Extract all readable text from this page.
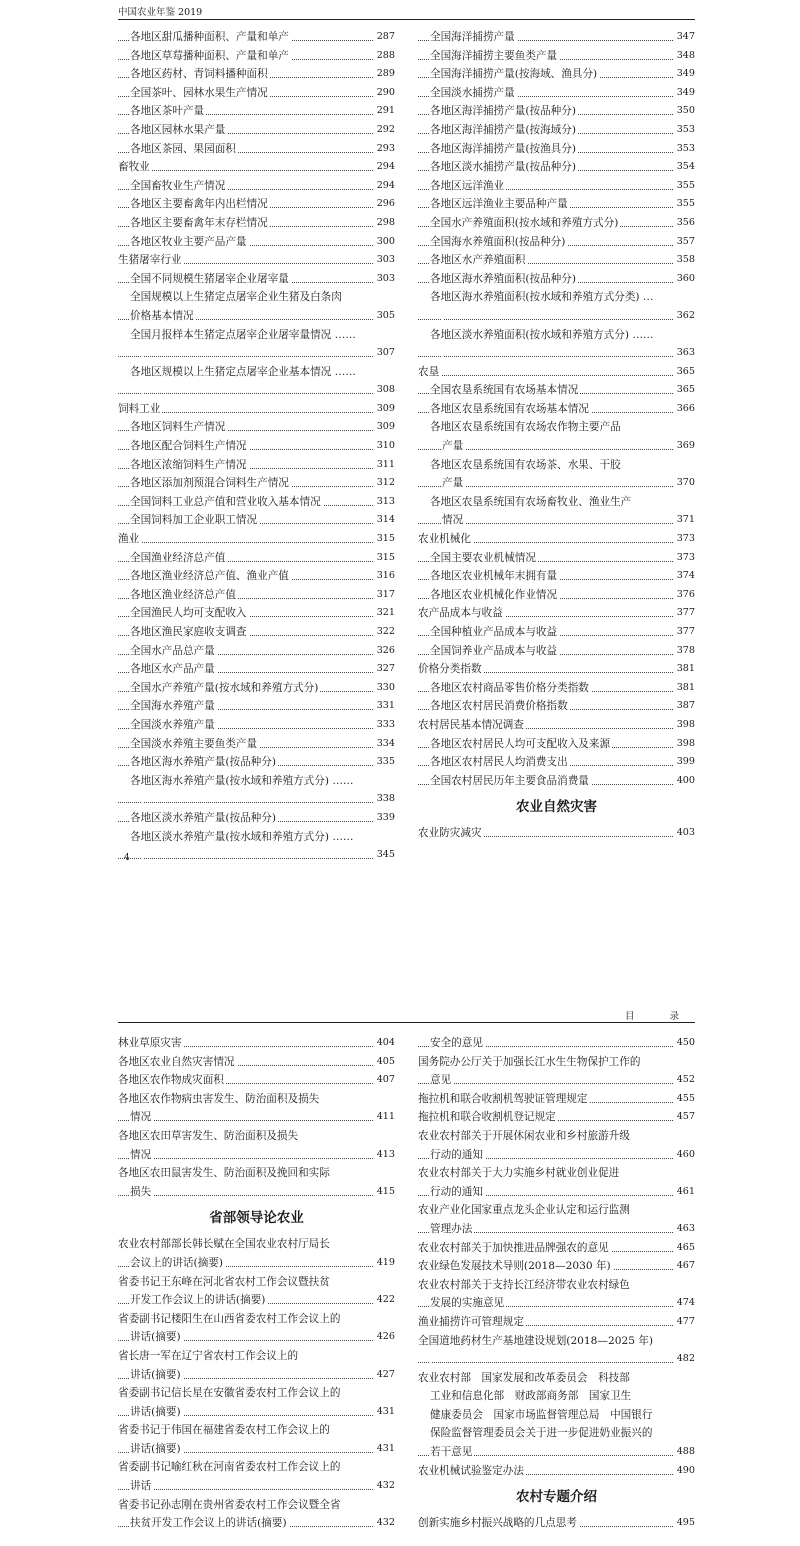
中国农业年鉴 2019
各地区甜瓜播种面积、产量和单产	287
各地区草莓播种面积、产量和单产	288
各地区药材、青饲料播种面积	289
全国茶叶、园林水果生产情况	290
各地区茶叶产量	291
各地区园林水果产量	292
各地区茶园、果园面积	293
畜牧业	294
全国畜牧业生产情况	294
各地区主要畜禽年内出栏情况	296
各地区主要畜禽年末存栏情况	298
各地区牧业主要产品产量	300
生猪屠宰行业	303
全国不同规模生猪屠宰企业屠宰量	303
全国规模以上生猪定点屠宰企业生猪及白条肉
价格基本情况	305
全国月报样本生猪定点屠宰企业屠宰量情况 ……
307
各地区规模以上生猪定点屠宰企业基本情况 ……
308
饲料工业	309
各地区饲料生产情况	309
各地区配合饲料生产情况	310
各地区浓缩饲料生产情况	311
各地区添加剂预混合饲料生产情况	312
全国饲料工业总产值和营业收入基本情况	313
全国饲料加工企业职工情况	314
渔业	315
全国渔业经济总产值	315
各地区渔业经济总产值、渔业产值	316
各地区渔业经济总产值	317
全国渔民人均可支配收入	321
各地区渔民家庭收支调查	322
全国水产品总产量	326
各地区水产品产量	327
全国水产养殖产量(按水域和养殖方式分)	330
全国海水养殖产量	331
全国淡水养殖产量	333
全国淡水养殖主要鱼类产量	334
各地区海水养殖产量(按品种分)	335
各地区海水养殖产量(按水域和养殖方式分) ……
338
各地区淡水养殖产量(按品种分)	339
各地区淡水养殖产量(按水域和养殖方式分) ……
345
全国海洋捕捞产量	347
全国海洋捕捞主要鱼类产量	348
全国海洋捕捞产量(按海域、渔具分)	349
全国淡水捕捞产量	349
各地区海洋捕捞产量(按品种分)	350
各地区海洋捕捞产量(按海域分)	353
各地区海洋捕捞产量(按渔具分)	353
各地区淡水捕捞产量(按品种分)	354
各地区远洋渔业	355
各地区远洋渔业主要品种产量	355
全国水产养殖面积(按水域和养殖方式分)	356
全国海水养殖面积(按品种分)	357
各地区水产养殖面积	358
各地区海水养殖面积(按品种分)	360
各地区海水养殖面积(按水域和养殖方式分类) …
362
各地区淡水养殖面积(按水域和养殖方式分) ……
363
农垦	365
全国农垦系统国有农场基本情况	365
各地区农垦系统国有农场基本情况	366
各地区农垦系统国有农场农作物主要产品
产量	369
各地区农垦系统国有农场茶、水果、干胶
产量	370
各地区农垦系统国有农场畜牧业、渔业生产
情况	371
农业机械化	373
全国主要农业机械情况	373
各地区农业机械年末拥有量	374
各地区农业机械化作业情况	376
农产品成本与收益	377
全国种植业产品成本与收益	377
全国饲养业产品成本与收益	378
价格分类指数	381
各地区农村商品零售价格分类指数	381
各地区农村居民消费价格指数	387
农村居民基本情况调查	398
各地区农村居民人均可支配收入及来源	398
各地区农村居民人均消费支出	399
全国农村居民历年主要食品消费量	400
农业自然灾害
农业防灾减灾	403
4
目 录
林业草原灾害	404
各地区农业自然灾害情况	405
各地区农作物成灾面积	407
各地区农作物病虫害发生、防治面积及损失
情况	411
各地区农田草害发生、防治面积及损失
情况	413
各地区农田鼠害发生、防治面积及挽回和实际
损失	415
省部领导论农业
农业农村部部长韩长赋在全国农业农村厅局长
会议上的讲话(摘要)	419
省委书记王东峰在河北省农村工作会议暨扶贫
开发工作会议上的讲话(摘要)	422
省委副书记楼阳生在山西省委农村工作会议上的
讲话(摘要)	426
省长唐一军在辽宁省农村工作会议上的
讲话(摘要)	427
省委副书记信长星在安徽省委农村工作会议上的
讲话(摘要)	431
省委书记于伟国在福建省委农村工作会议上的
讲话(摘要)	431
省委副书记喻红秋在河南省委农村工作会议上的
讲话	432
省委书记孙志刚在贵州省委农村工作会议暨全省
扶贫开发工作会议上的讲话(摘要)	432
安全的意见	450
国务院办公厅关于加强长江水生生物保护工作的
意见	452
拖拉机和联合收割机驾驶证管理规定	455
拖拉机和联合收割机登记规定	457
农业农村部关于开展休闲农业和乡村旅游升级
行动的通知	460
农业农村部关于大力实施乡村就业创业促进
行动的通知	461
农业产业化国家重点龙头企业认定和运行监测
管理办法	463
农业农村部关于加快推进品牌强农的意见	465
农业绿色发展技术导则(2018—2030 年)	467
农业农村部关于支持长江经济带农业农村绿色
发展的实施意见	474
渔业捕捞许可管理规定	477
全国道地药材生产基地建设规划(2018—2025 年)
482
农业农村部　国家发展和改革委员会　科技部
工业和信息化部　财政部商务部　国家卫生
健康委员会　国家市场监督管理总局　中国银行
保险监督管理委员会关于进一步促进奶业振兴的
若干意见	488
农业机械试验鉴定办法	490
农村专题介绍
创新实施乡村振兴战略的几点思考	495
